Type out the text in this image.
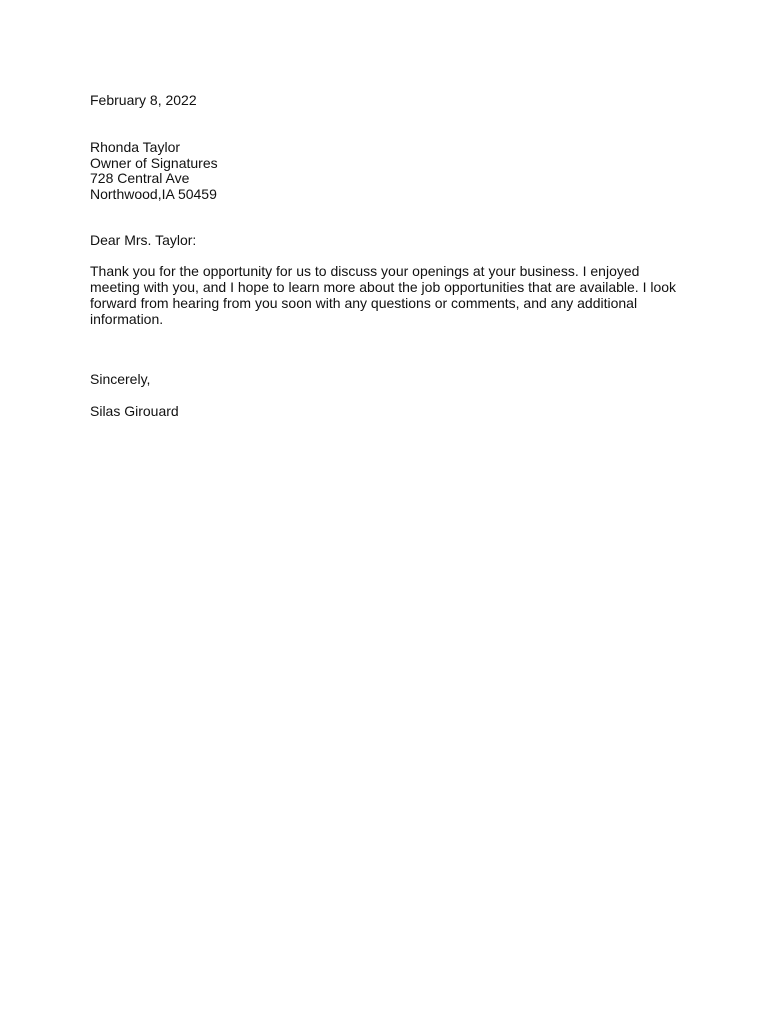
February 8, 2022
Rhonda Taylor
Owner of Signatures
728 Central Ave
Northwood,IA 50459
Dear Mrs. Taylor:
Thank you for the opportunity for us to discuss your openings at your business. I enjoyed meeting with you, and I hope to learn more about the job opportunities that are available. I look forward from hearing from you soon with any questions or comments, and any additional information.
Sincerely,
Silas Girouard
